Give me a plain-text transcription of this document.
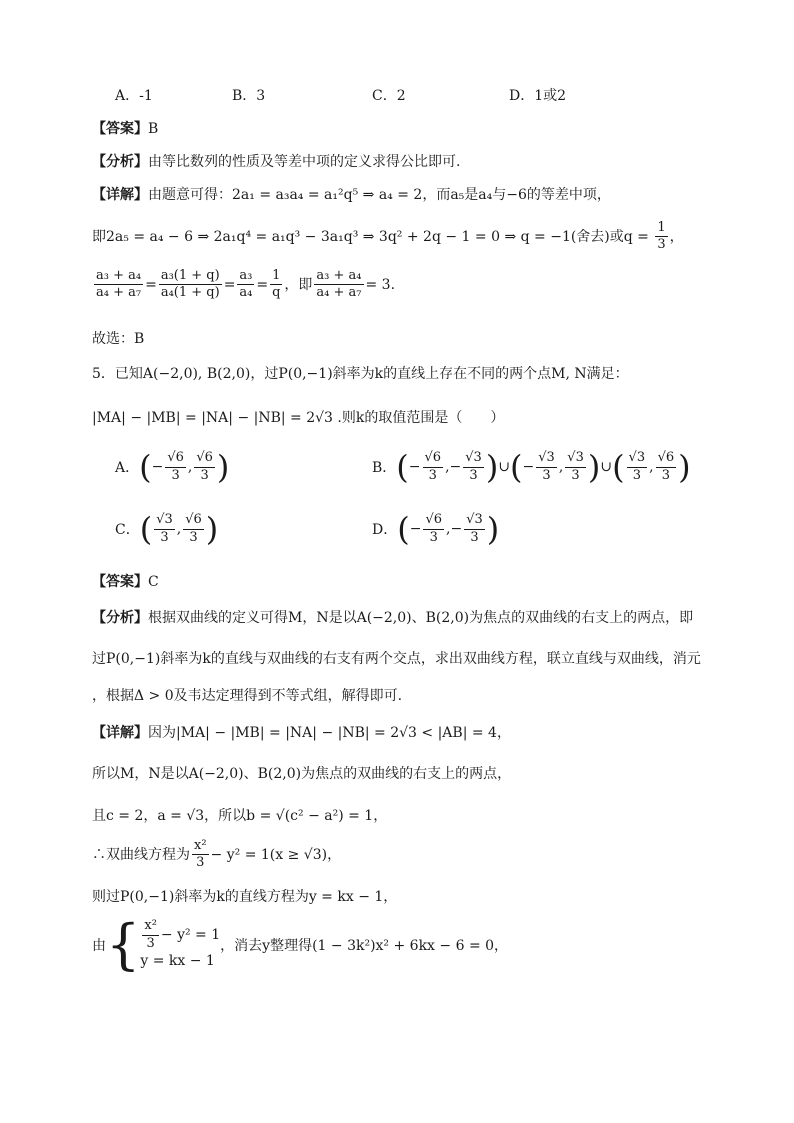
A．-1	B．3	C．2	D．1或2
【答案】B
【分析】由等比数列的性质及等差中项的定义求得公比即可.
【详解】由题意可得：2a₁ = a₃a₄ = a₁²q⁵ ⇒ a₄ = 2，而a₅是a₄与−6的等差中项，
即2a₅ = a₄ − 6 ⇒ 2a₁q⁴ = a₁q³ − 3a₁q³ ⇒ 3q² + 2q − 1 = 0 ⇒ q = −1(舍去)或$q = \frac{1}{3}$ ，
$\frac{\text{a₃ + a₄}}{\text{a₄ + a₇}} = \frac{\text{a₃(1 + q)}}{\text{a₄(1 + q)}} = \frac{\text{a₃}}{\text{a₄}} = \frac{1}{q}$ ，即 $\frac{\text{a₃ + a₄}}{\text{a₄ + a₇}} = 3$.
故选：B
5．已知A(−2,0), B(2,0)，过P(0,−1)斜率为k的直线上存在不同的两个点M, N满足：
|MA| − |MB| = |NA| − |NB| = 2√3 .则k的取值范围是（　　）
A． ( − $\frac{√6}{3}$ , $\frac{√6}{3}$ )	B． ( − $\frac{√6}{3}$ ,− $\frac{√3}{3}$ ) ∪ ( − $\frac{√3}{3}$ , $\frac{√3}{3}$ ) ∪ ( $\frac{√3}{3}$ , $\frac{√6}{3}$ )
C． ( $\frac{√3}{3}$ , $\frac{√6}{3}$ )	D． ( − $\frac{√6}{3}$ ,− $\frac{√3}{3}$ )
【答案】C
【分析】根据双曲线的定义可得M，N是以A(−2,0)、B(2,0)为焦点的双曲线的右支上的两点，即
过P(0,−1)斜率为k的直线与双曲线的右支有两个交点，求出双曲线方程，联立直线与双曲线，消元
，根据Δ > 0及韦达定理得到不等式组，解得即可.
【详解】因为|MA| − |MB| = |NA| − |NB| = 2√3 < |AB| = 4，
所以M，N是以A(−2,0)、B(2,0)为焦点的双曲线的右支上的两点，
且c = 2，a = √3，所以b = √(c² − a²) = 1，
∴双曲线方程为 $\frac{\text{x²}}{3} - y^2 = 1(x \ge √3)$，
则过P(0,−1)斜率为k的直线方程为y = kx − 1，
由 { $\frac{\text{x²}}{3} - y^2 = 1$
y = kx − 1
，消去y整理得(1 − 3k²)x² + 6kx − 6 = 0，
